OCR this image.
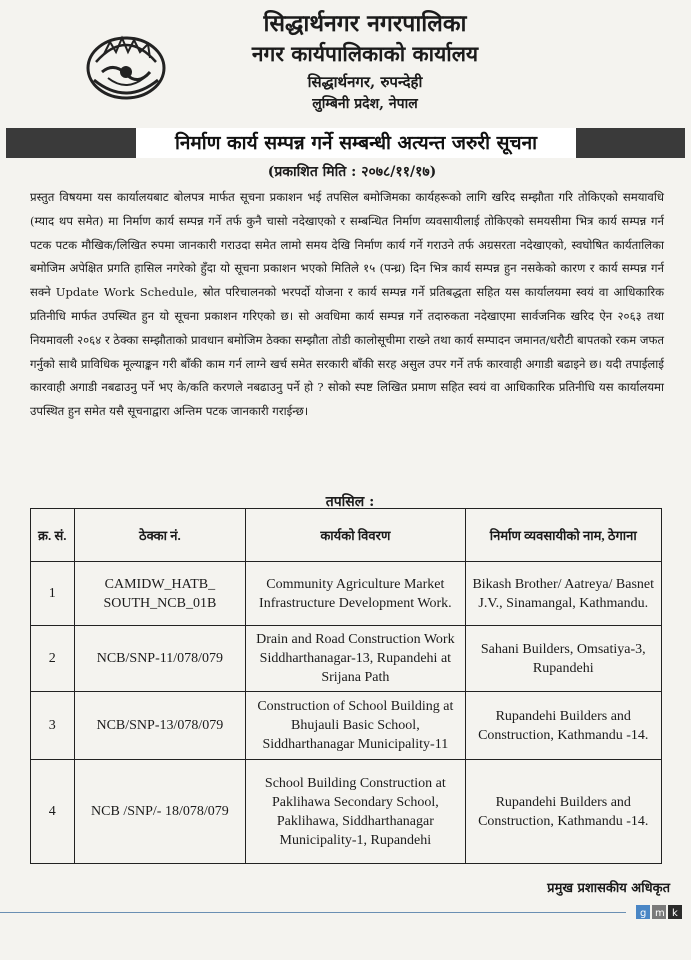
सिद्धार्थनगर नगरपालिका
नगर कार्यपालिकाको कार्यालय
सिद्धार्थनगर, रुपन्देही
लुम्बिनी प्रदेश, नेपाल
निर्माण कार्य सम्पन्न गर्ने सम्बन्धी अत्यन्त जरुरी सूचना
(प्रकाशित मिति : २०७८/११/१७)
प्रस्तुत विषयमा यस कार्यालयबाट बोलपत्र मार्फत सूचना प्रकाशन भई तपसिल बमोजिमका कार्यहरूको लागि खरिद सम्झौता गरि तोकिएको समयावधि (म्याद थप समेत) मा निर्माण कार्य सम्पन्न गर्ने तर्फ कुनै चासो नदेखाएको र सम्बन्धित निर्माण व्यवसायीलाई तोकिएको समयसीमा भित्र कार्य सम्पन्न गर्न पटक पटक मौखिक/लिखित रुपमा जानकारी गराउदा समेत लामो समय देखि निर्माण कार्य गर्ने गराउने तर्फ अग्रसरता नदेखाएको, स्वघोषित कार्यतालिका बमोजिम अपेक्षित प्रगति हासिल नगरेको हुँदा यो सूचना प्रकाशन भएको मितिले १५ (पन्ध्र) दिन भित्र कार्य सम्पन्न हुन नसकेको कारण र कार्य सम्पन्न गर्न सक्ने Update Work Schedule, स्रोत परिचालनको भरपर्दो योजना र कार्य सम्पन्न गर्ने प्रतिबद्धता सहित यस कार्यालयमा स्वयं वा आधिकारिक प्रतिनीधि मार्फत उपस्थित हुन यो सूचना प्रकाशन गरिएको छ। सो अवधिमा कार्य सम्पन्न गर्ने तदारुकता नदेखाएमा सार्वजनिक खरिद ऐन २०६३ तथा नियमावली २०६४ र ठेक्का सम्झौताको प्रावधान बमोजिम ठेक्का सम्झौता तोडी कालोसूचीमा राख्ने तथा कार्य सम्पादन जमानत/धरौटी बापतको रकम जफत गर्नुको साथै प्राविधिक मूल्याङ्कन गरी बाँकी काम गर्न लाग्ने खर्च समेत सरकारी बाँकी सरह असुल उपर गर्ने तर्फ कारवाही अगाडी बढाइने छ। यदी तपाईलाई कारवाही अगाडी नबढाउनु पर्ने भए के/कति करणले नबढाउनु पर्ने हो ? सोको स्पष्ट लिखित प्रमाण सहित स्वयं वा आधिकारिक प्रतिनीधि यस कार्यालयमा उपस्थित हुन समेत यसै सूचनाद्वारा अन्तिम पटक जानकारी गराईन्छ।
तपसिल :
क्र. सं.	ठेक्का नं.	कार्यको विवरण	निर्माण व्यवसायीको नाम, ठेगाना
1	CAMIDW_HATB_ SOUTH_NCB_01B	Community Agriculture Market Infrastructure Development Work.	Bikash Brother/ Aatreya/ Basnet J.V., Sinamangal, Kathmandu.
2	NCB/SNP-11/078/079	Drain and Road Construction Work Siddharthanagar-13, Rupandehi at Srijana Path	Sahani Builders, Omsatiya-3, Rupandehi
3	NCB/SNP-13/078/079	Construction of School Building at Bhujauli Basic School, Siddharthanagar Municipality-11	Rupandehi Builders and Construction, Kathmandu -14.
4	NCB /SNP/- 18/078/079	School Building Construction at Paklihawa Secondary School, Paklihawa, Siddharthanagar Municipality-1, Rupandehi	Rupandehi Builders and Construction, Kathmandu -14.
प्रमुख प्रशासकीय अधिकृत
g m k
